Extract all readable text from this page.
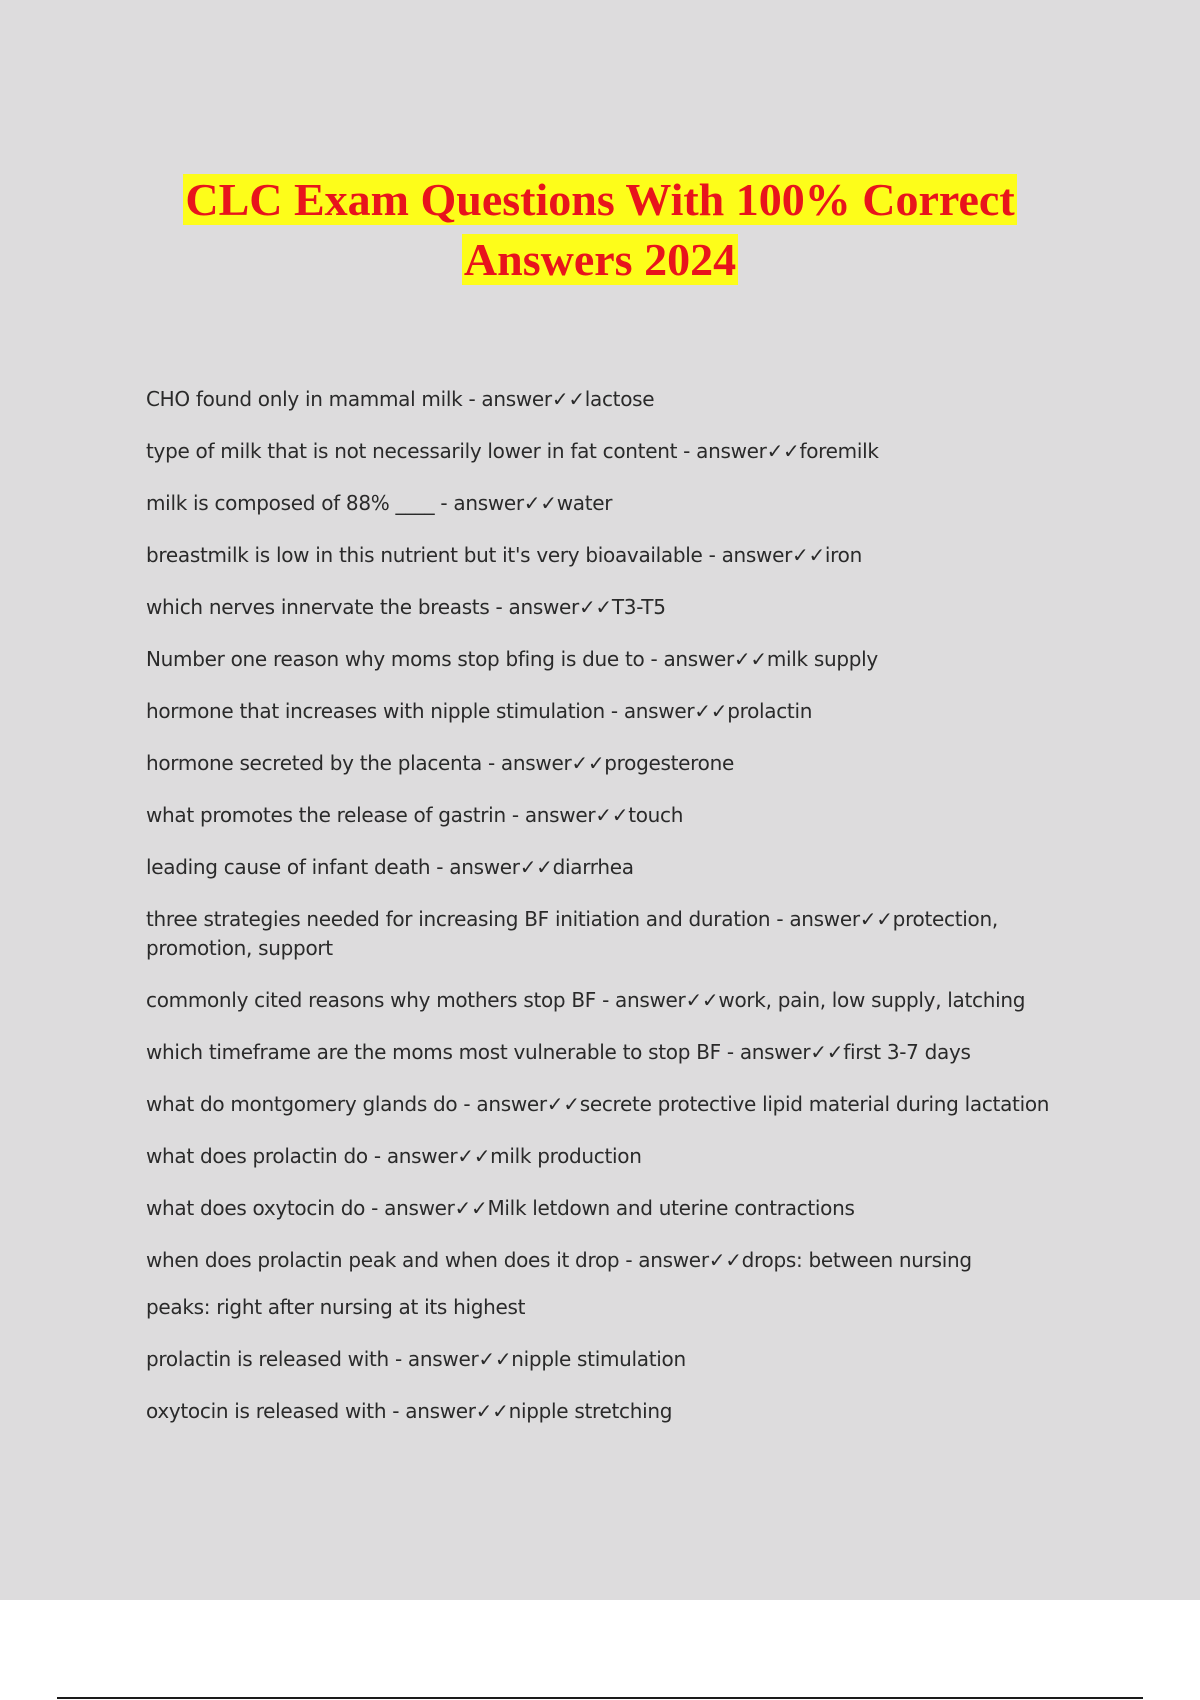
CLC Exam Questions With 100% Correct
Answers 2024
CHO found only in mammal milk - answer✓✓lactose
type of milk that is not necessarily lower in fat content - answer✓✓foremilk
milk is composed of 88% ____ - answer✓✓water
breastmilk is low in this nutrient but it's very bioavailable - answer✓✓iron
which nerves innervate the breasts - answer✓✓T3-T5
Number one reason why moms stop bfing is due to - answer✓✓milk supply
hormone that increases with nipple stimulation - answer✓✓prolactin
hormone secreted by the placenta - answer✓✓progesterone
what promotes the release of gastrin - answer✓✓touch
leading cause of infant death - answer✓✓diarrhea
three strategies needed for increasing BF initiation and duration - answer✓✓protection, promotion, support
commonly cited reasons why mothers stop BF - answer✓✓work, pain, low supply, latching
which timeframe are the moms most vulnerable to stop BF - answer✓✓first 3-7 days
what do montgomery glands do - answer✓✓secrete protective lipid material during lactation
what does prolactin do - answer✓✓milk production
what does oxytocin do - answer✓✓Milk letdown and uterine contractions
when does prolactin peak and when does it drop - answer✓✓drops: between nursing
peaks: right after nursing at its highest
prolactin is released with - answer✓✓nipple stimulation
oxytocin is released with - answer✓✓nipple stretching
